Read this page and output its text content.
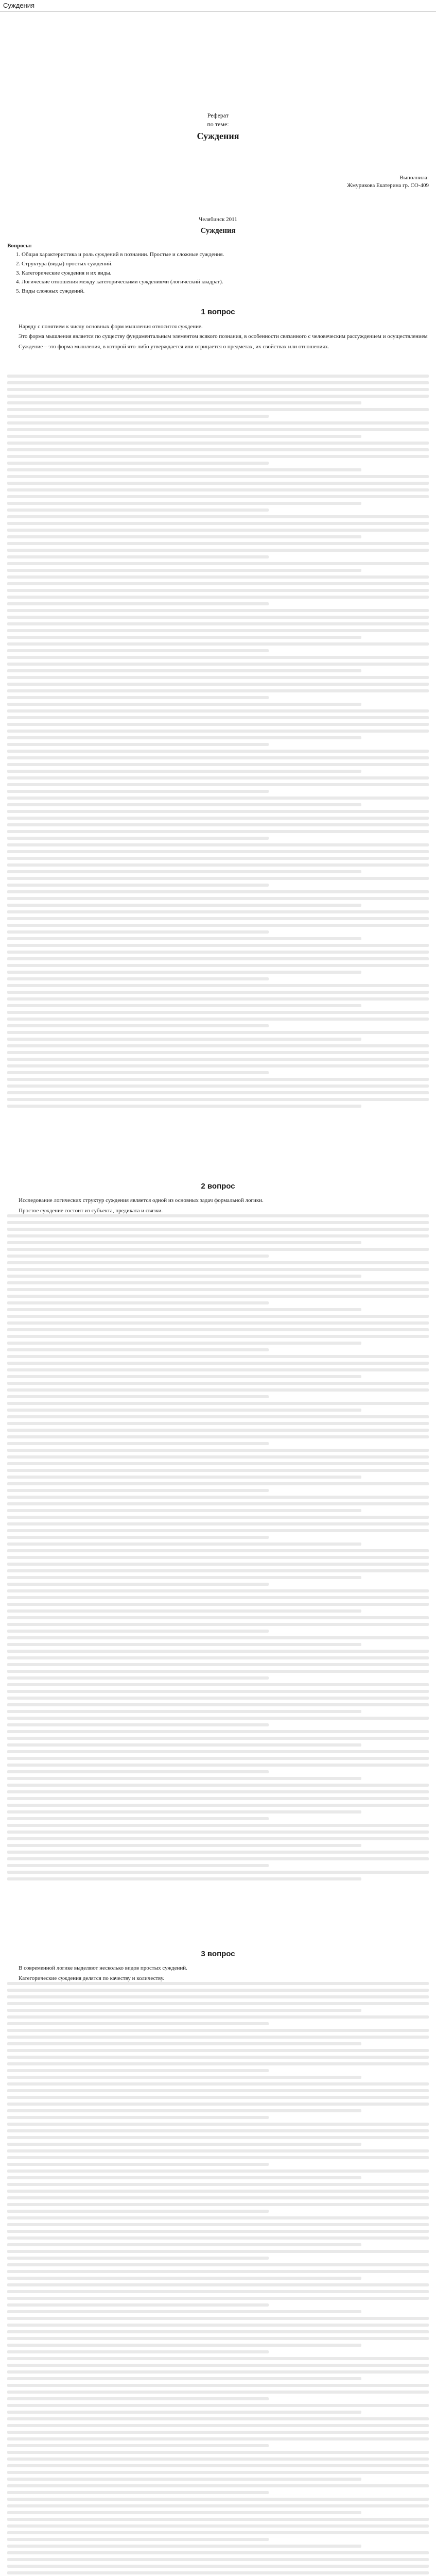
Суждения
Реферат
по теме:
Суждения
Выполнила:
Жмурикова Екатерина гр. СО-409
Челябинск 2011
Суждения
Вопросы:
1. Общая характеристика и роль суждений в познании. Простые и сложные суждения.
2. Структура (виды) простых суждений.
3. Категорические суждения и их виды.
4. Логические отношения между категорическими суждениями (логический квадрат).
5. Виды сложных суждений.
1 вопрос

Наряду с понятием к числу основных форм мышления относится суждение.

Это форма мышления является по существу фундаментальным элементом всякого познания, в особенности связанного с человеческим рассуждением и осуществлением

Суждение – это форма мышления, в которой что-либо утверждается или отрицается о предметах, их свойствах или отношениях.

2 вопрос

Исследование логических структур суждения является одной из основных задач формальной логики.

Простое суждение состоит из субъекта, предиката и связки.

3 вопрос

В современной логике выделяют несколько видов простых суждений.

Категорические суждения делятся по качеству и количеству.
